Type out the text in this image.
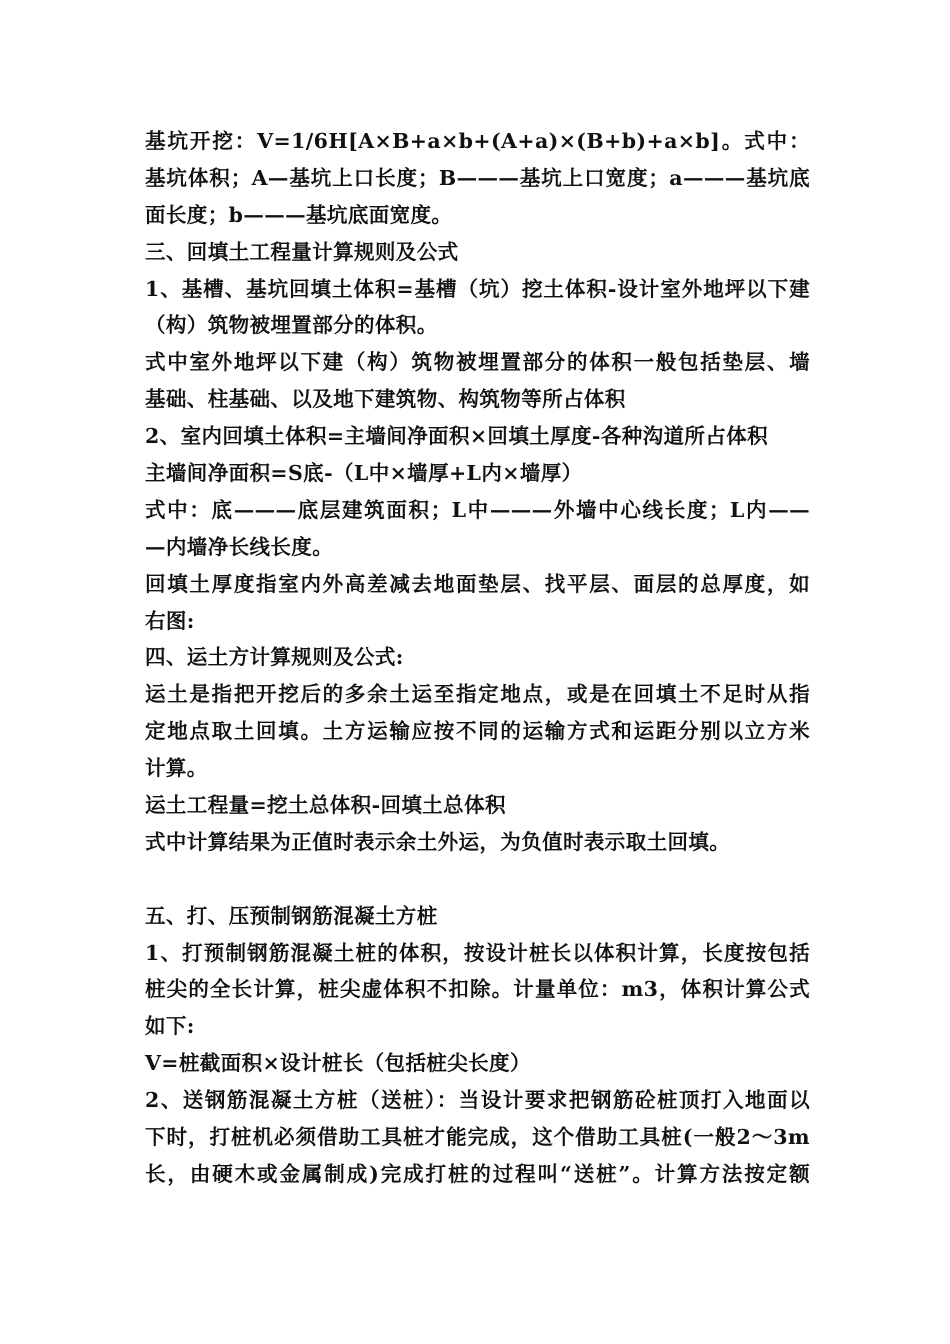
基坑开挖：V=1/6H[A×B+a×b+(A+a)×(B+b)+a×b]。式中：
基坑体积；A—基坑上口长度；B———基坑上口宽度；a———基坑底
面长度；b———基坑底面宽度。
三、回填土工程量计算规则及公式
1、基槽、基坑回填土体积=基槽（坑）挖土体积-设计室外地坪以下建
（构）筑物被埋置部分的体积。
式中室外地坪以下建（构）筑物被埋置部分的体积一般包括垫层、墙
基础、柱基础、以及地下建筑物、构筑物等所占体积
2、室内回填土体积=主墙间净面积×回填土厚度-各种沟道所占体积
主墙间净面积=S底-（L中×墙厚+L内×墙厚）
式中：底———底层建筑面积；L中———外墙中心线长度；L内——
—内墙净长线长度。
回填土厚度指室内外高差减去地面垫层、找平层、面层的总厚度，如
右图:
四、运土方计算规则及公式:
运土是指把开挖后的多余土运至指定地点，或是在回填土不足时从指
定地点取土回填。土方运输应按不同的运输方式和运距分别以立方米
计算。
运土工程量=挖土总体积-回填土总体积
式中计算结果为正值时表示余土外运，为负值时表示取土回填。
五、打、压预制钢筋混凝土方桩
1、打预制钢筋混凝土桩的体积，按设计桩长以体积计算，长度按包括
桩尖的全长计算，桩尖虚体积不扣除。计量单位：m3，体积计算公式
如下:
V=桩截面积×设计桩长（包括桩尖长度）
2、送钢筋混凝土方桩（送桩）：当设计要求把钢筋砼桩顶打入地面以
下时，打桩机必须借助工具桩才能完成，这个借助工具桩(一般2～3m
长，由硬木或金属制成)完成打桩的过程叫“送桩”。计算方法按定额
